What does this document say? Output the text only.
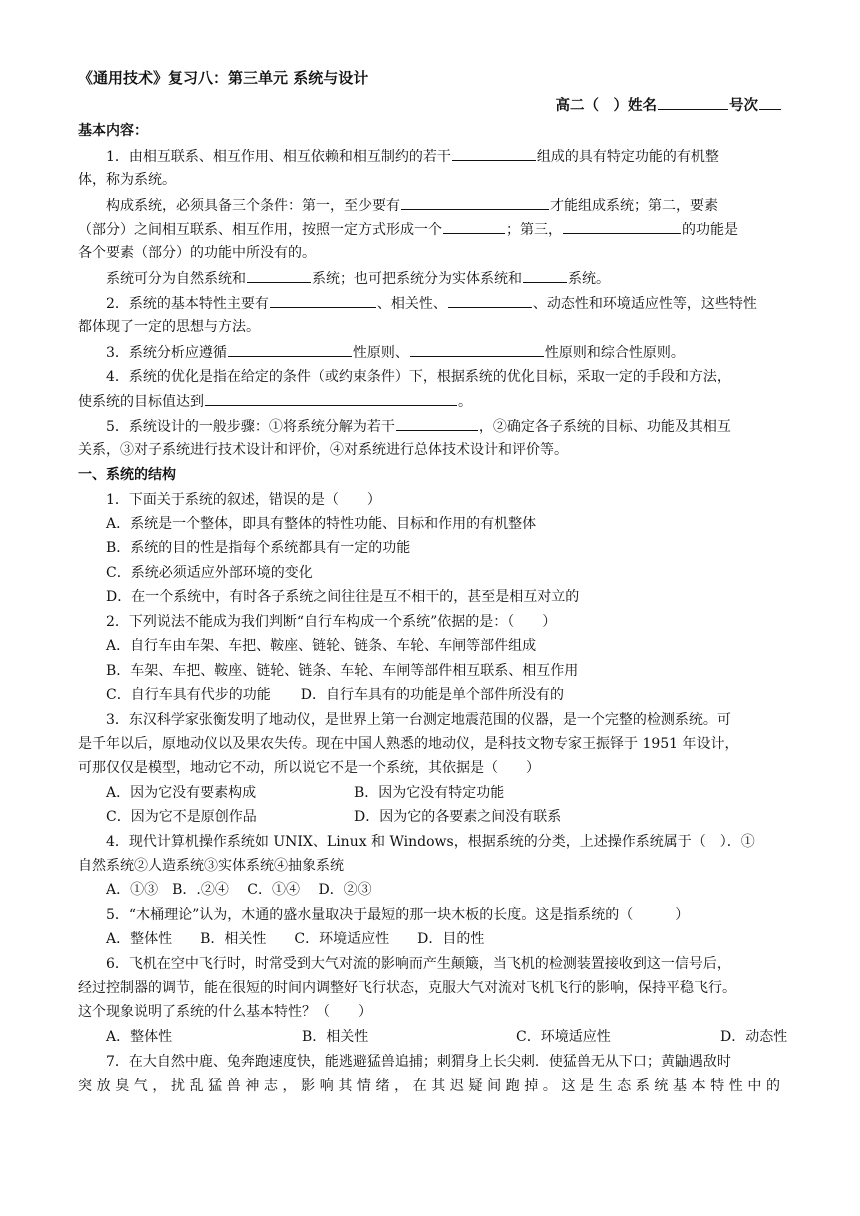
《通用技术》复习八：第三单元 系统与设计
高二（　）姓名	号次
基本内容：
1．由相互联系、相互作用、相互依赖和相互制约的若干	组成的具有特定功能的有机整
体，称为系统。
构成系统，必须具备三个条件：第一，至少要有	才能组成系统；第二，要素
（部分）之间相互联系、相互作用，按照一定方式形成一个	；第三，	的功能是
各个要素（部分）的功能中所没有的。
系统可分为自然系统和	系统；也可把系统分为实体系统和	系统。
2．系统的基本特性主要有	、相关性、	、动态性和环境适应性等，这些特性
都体现了一定的思想与方法。
3．系统分析应遵循	性原则、	性原则和综合性原则。
4．系统的优化是指在给定的条件（或约束条件）下，根据系统的优化目标，采取一定的手段和方法，
使系统的目标值达到	。
5．系统设计的一般步骤：①将系统分解为若干	，②确定各子系统的目标、功能及其相互
关系，③对子系统进行技术设计和评价，④对系统进行总体技术设计和评价等。
一、系统的结构
1．下面关于系统的叙述，错误的是（　　）
A．系统是一个整体，即具有整体的特性功能、目标和作用的有机整体
B．系统的目的性是指每个系统都具有一定的功能
C．系统必须适应外部环境的变化
D．在一个系统中，有时各子系统之间往往是互不相干的，甚至是相互对立的
2．下列说法不能成为我们判断“自行车构成一个系统”依据的是：（　　）
A．自行车由车架、车把、鞍座、链轮、链条、车轮、车闸等部件组成
B．车架、车把、鞍座、链轮、链条、车轮、车闸等部件相互联系、相互作用
C．自行车具有代步的功能 D．自行车具有的功能是单个部件所没有的
3．东汉科学家张衡发明了地动仪，是世界上第一台测定地震范围的仪器，是一个完整的检测系统。可
是千年以后，原地动仪以及果农失传。现在中国人熟悉的地动仪，是科技文物专家王振铎于 1951 年设计，
可那仅仅是模型，地动它不动，所以说它不是一个系统，其依据是（　　）
A．因为它没有要素构成	B．因为它没有特定功能
C．因为它不是原创作品	D．因为它的各要素之间没有联系
4．现代计算机操作系统如 UNIX、Linux 和 Windows，根据系统的分类，上述操作系统属于（　）．①
自然系统②人造系统③实体系统④抽象系统
A．①③　B．.②④　 C．①④　 D．②③
5．“木桶理论”认为，木通的盛水量取决于最短的那一块木板的长度。这是指系统的（　　　）
A．整体性　　B．相关性　　C．环境适应性　　D．目的性
6．飞机在空中飞行时，时常受到大气对流的影响而产生颠簸，当飞机的检测装置接收到这一信号后，
经过控制器的调节，能在很短的时间内调整好飞行状态，克服大气对流对飞机飞行的影响，保持平稳飞行。
这个现象说明了系统的什么基本特性？（　　）
A．整体性	B．相关性	C．环境适应性	D．动态性
7．在大自然中鹿、兔奔跑速度快，能逃避猛兽追捕；刺猬身上长尖刺．使猛兽无从下口；黄鼬遇敌时
突放臭气，扰乱猛兽神志，影响其情绪，在其迟疑间跑掉。这是生态系统基本特性中的
